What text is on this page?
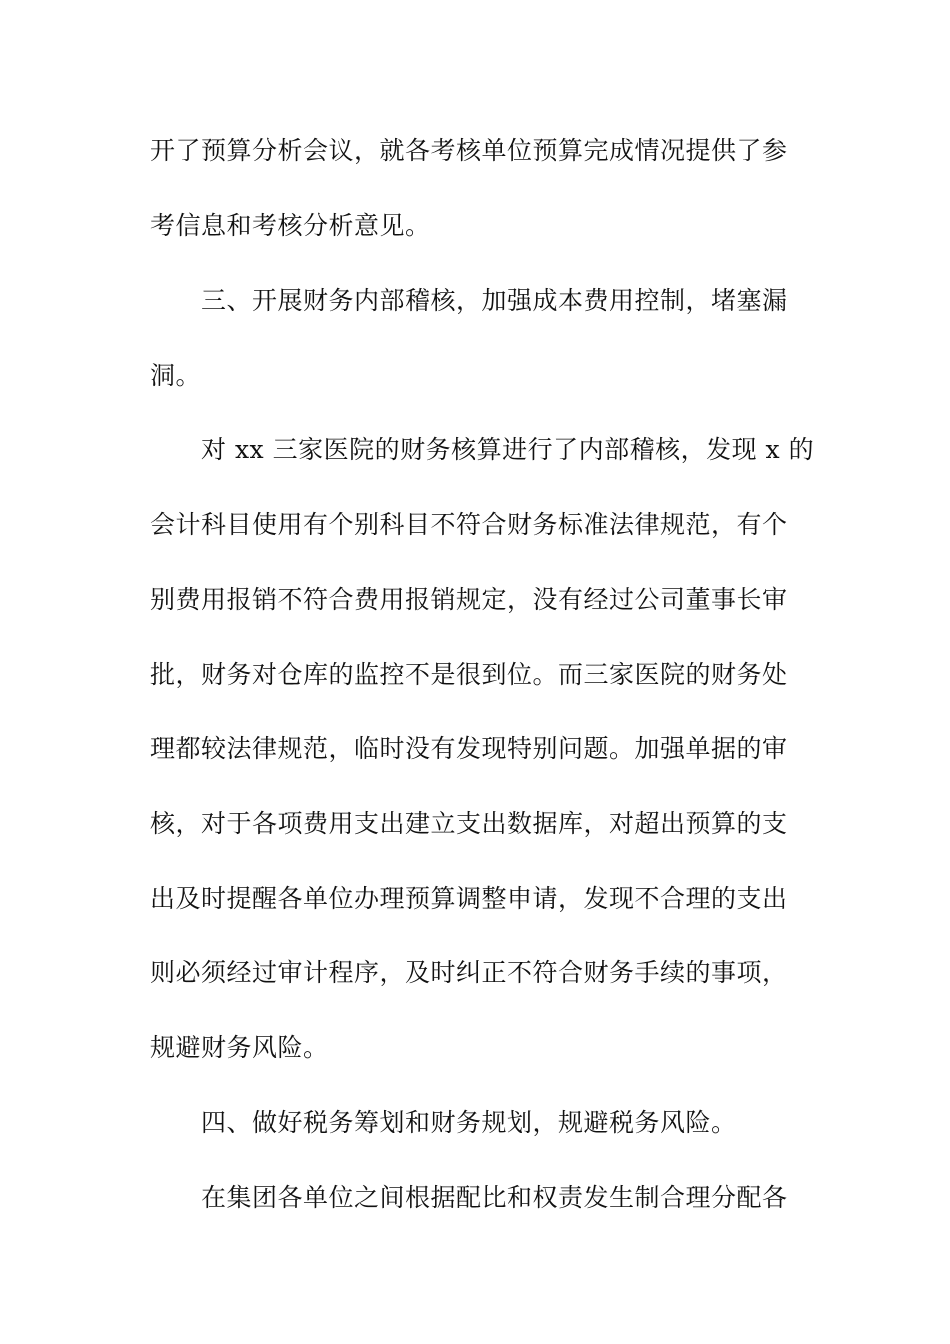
开了预算分析会议，就各考核单位预算完成情况提供了参
考信息和考核分析意见。
三、开展财务内部稽核，加强成本费用控制，堵塞漏
洞。
对 xx 三家医院的财务核算进行了内部稽核，发现 x 的
会计科目使用有个别科目不符合财务标准法律规范，有个
别费用报销不符合费用报销规定，没有经过公司董事长审
批，财务对仓库的监控不是很到位。而三家医院的财务处
理都较法律规范，临时没有发现特别问题。加强单据的审
核，对于各项费用支出建立支出数据库，对超出预算的支
出及时提醒各单位办理预算调整申请，发现不合理的支出
则必须经过审计程序，及时纠正不符合财务手续的事项，
规避财务风险。
四、做好税务筹划和财务规划，规避税务风险。
在集团各单位之间根据配比和权责发生制合理分配各
